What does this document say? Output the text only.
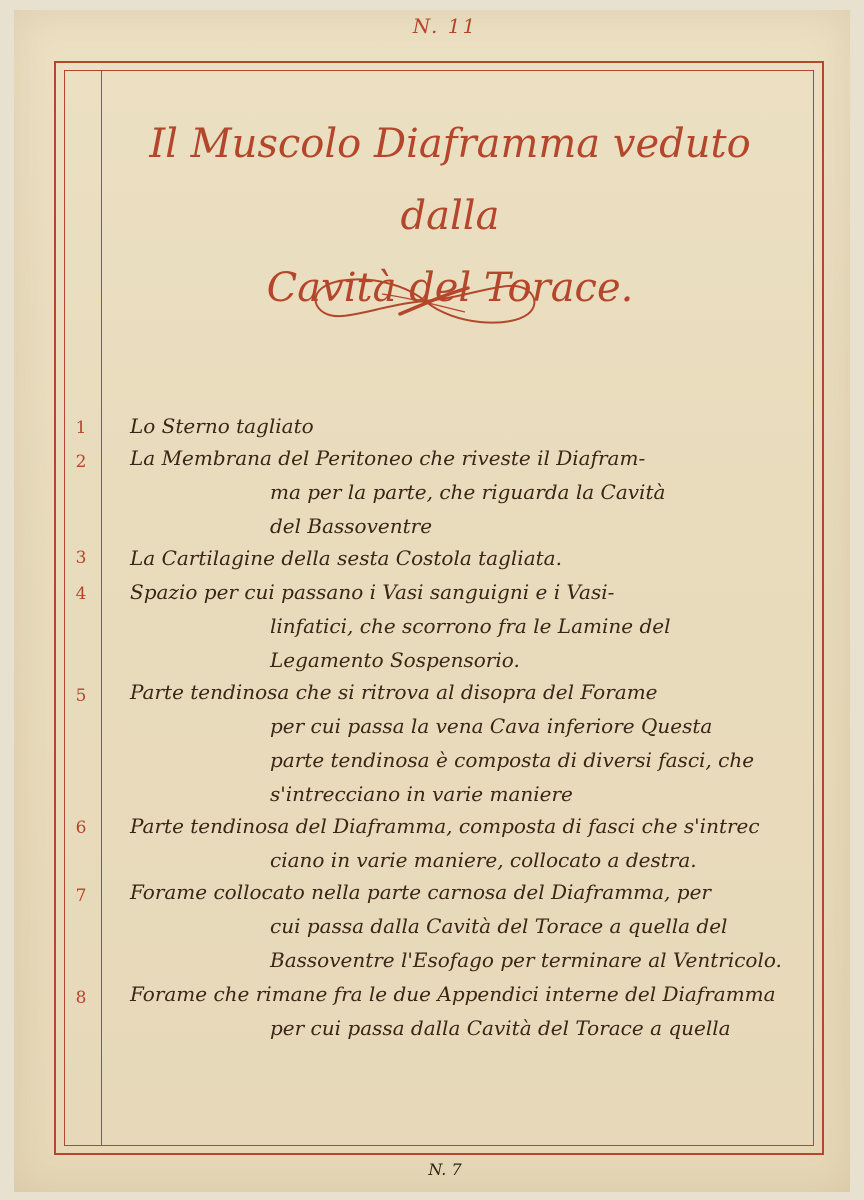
N. 11
Il Muscolo Diaframma veduto dalla
Cavità del Torace.
1	Lo Sterno tagliato
2	La Membrana del Peritoneo che riveste il Diafram-
ma per la parte, che riguarda la Cavità
del Bassoventre
3	La Cartilagine della sesta Costola tagliata.
4	Spazio per cui passano i Vasi sanguigni e i Vasi-
linfatici, che scorrono fra le Lamine del
Legamento Sospensorio.
5	Parte tendinosa che si ritrova al disopra del Forame
per cui passa la vena Cava inferiore Questa
parte tendinosa è composta di diversi fasci, che
s'intrecciano in varie maniere
6	Parte tendinosa del Diaframma, composta di fasci che s'intrec
ciano in varie maniere, collocato a destra.
7	Forame collocato nella parte carnosa del Diaframma, per
cui passa dalla Cavità del Torace a quella del
Bassoventre l'Esofago per terminare al Ventricolo.
8	Forame che rimane fra le due Appendici interne del Diaframma
per cui passa dalla Cavità del Torace a quella
N. 7
